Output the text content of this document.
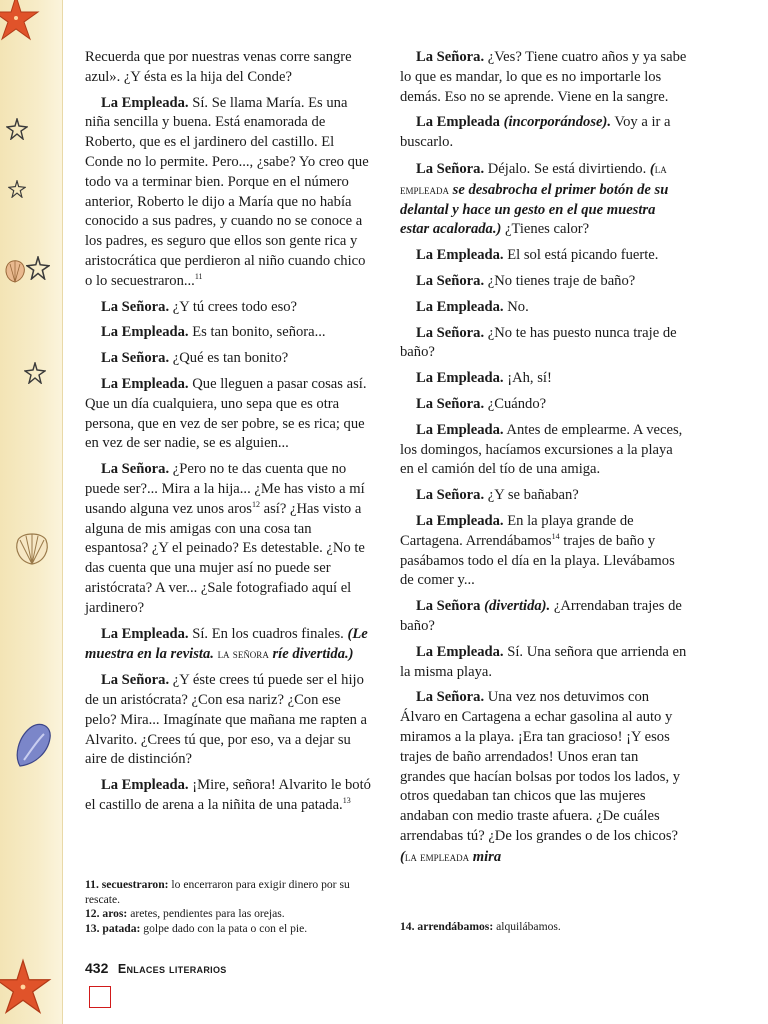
Recuerda que por nuestras venas corre sangre azul». ¿Y ésta es la hija del Conde?

La Empleada. Sí. Se llama María. Es una niña sencilla y buena. Está enamorada de Roberto, que es el jardinero del castillo. El Conde no lo permite. Pero..., ¿sabe? Yo creo que todo va a terminar bien. Porque en el número anterior, Roberto le dijo a María que no había conocido a sus padres, y cuando no se conoce a los padres, es seguro que ellos son gente rica y aristocrática que perdieron al niño cuando chico o lo secuestraron...$^{11}$

La Señora. ¿Y tú crees todo eso?

La Empleada. Es tan bonito, señora...

La Señora. ¿Qué es tan bonito?

La Empleada. Que lleguen a pasar cosas así. Que un día cualquiera, uno sepa que es otra persona, que en vez de ser pobre, se es rica; que en vez de ser nadie, se es alguien...

La Señora. ¿Pero no te das cuenta que no puede ser?... Mira a la hija... ¿Me has visto a mí usando alguna vez unos aros$^{12}$ así? ¿Has visto a alguna de mis amigas con una cosa tan espantosa? ¿Y el peinado? Es detestable. ¿No te das cuenta que una mujer así no puede ser aristócrata? A ver... ¿Sale fotografiado aquí el jardinero?

La Empleada. Sí. En los cuadros finales. (Le muestra en la revista. la señora ríe divertida.)

La Señora. ¿Y éste crees tú puede ser el hijo de un aristócrata? ¿Con esa nariz? ¿Con ese pelo? Mira... Imagínate que mañana me rapten a Alvarito. ¿Crees tú que, por eso, va a dejar su aire de distinción?

La Empleada. ¡Mire, señora! Alvarito le botó el castillo de arena a la niñita de una patada.$^{13}$

La Señora. ¿Ves? Tiene cuatro años y ya sabe lo que es mandar, lo que es no importarle los demás. Eso no se aprende. Viene en la sangre.

La Empleada (incorporándose). Voy a ir a buscarlo.

La Señora. Déjalo. Se está divirtiendo. (la empleada se desabrocha el primer botón de su delantal y hace un gesto en el que muestra estar acalorada.) ¿Tienes calor?

La Empleada. El sol está picando fuerte.

La Señora. ¿No tienes traje de baño?

La Empleada. No.

La Señora. ¿No te has puesto nunca traje de baño?

La Empleada. ¡Ah, sí!

La Señora. ¿Cuándo?

La Empleada. Antes de emplearme. A veces, los domingos, hacíamos excursiones a la playa en el camión del tío de una amiga.

La Señora. ¿Y se bañaban?

La Empleada. En la playa grande de Cartagena. Arrendábamos$^{14}$ trajes de baño y pasábamos todo el día en la playa. Llevábamos de comer y...

La Señora (divertida). ¿Arrendaban trajes de baño?

La Empleada. Sí. Una señora que arrienda en la misma playa.

La Señora. Una vez nos detuvimos con Álvaro en Cartagena a echar gasolina al auto y miramos a la playa. ¡Era tan gracioso! ¡Y esos trajes de baño arrendados! Unos eran tan grandes que hacían bolsas por todos los lados, y otros quedaban tan chicos que las mujeres andaban con medio traste afuera. ¿De cuáles arrendabas tú? ¿De los grandes o de los chicos? (la empleada mira

11. secuestraron: lo encerraron para exigir dinero por su rescate.

12. aros: aretes, pendientes para las orejas.

13. patada: golpe dado con la pata o con el pie.	14. arrendábamos: alquilábamos.

432 Enlaces literarios
